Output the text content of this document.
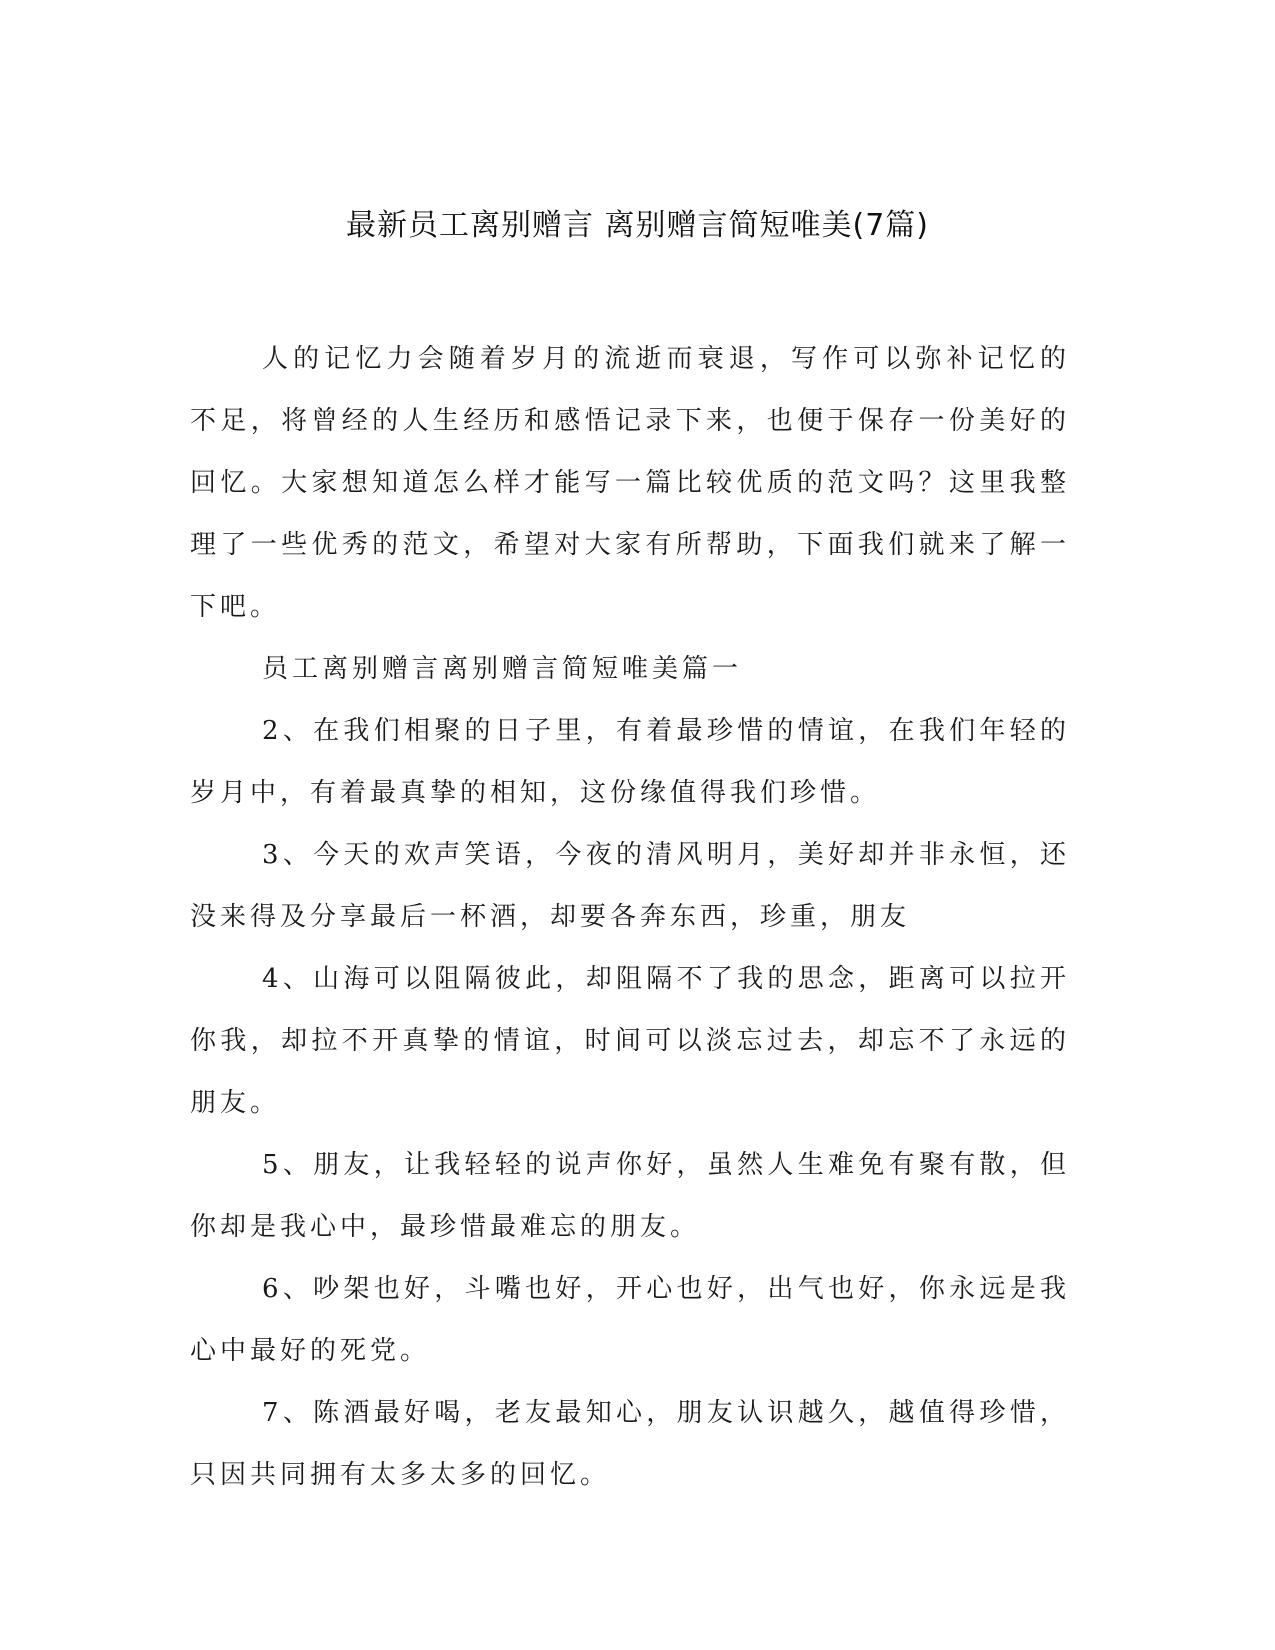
最新员工离别赠言 离别赠言简短唯美(7篇)

人的记忆力会随着岁月的流逝而衰退，写作可以弥补记忆的不足，将曾经的人生经历和感悟记录下来，也便于保存一份美好的回忆。大家想知道怎么样才能写一篇比较优质的范文吗？这里我整理了一些优秀的范文，希望对大家有所帮助，下面我们就来了解一下吧。

员工离别赠言离别赠言简短唯美篇一

2、在我们相聚的日子里，有着最珍惜的情谊，在我们年轻的岁月中，有着最真挚的相知，这份缘值得我们珍惜。

3、今天的欢声笑语，今夜的清风明月，美好却并非永恒，还没来得及分享最后一杯酒，却要各奔东西，珍重，朋友

4、山海可以阻隔彼此，却阻隔不了我的思念，距离可以拉开你我，却拉不开真挚的情谊，时间可以淡忘过去，却忘不了永远的朋友。

5、朋友，让我轻轻的说声你好，虽然人生难免有聚有散，但你却是我心中，最珍惜最难忘的朋友。

6、吵架也好，斗嘴也好，开心也好，出气也好，你永远是我心中最好的死党。

7、陈酒最好喝，老友最知心，朋友认识越久，越值得珍惜，只因共同拥有太多太多的回忆。
